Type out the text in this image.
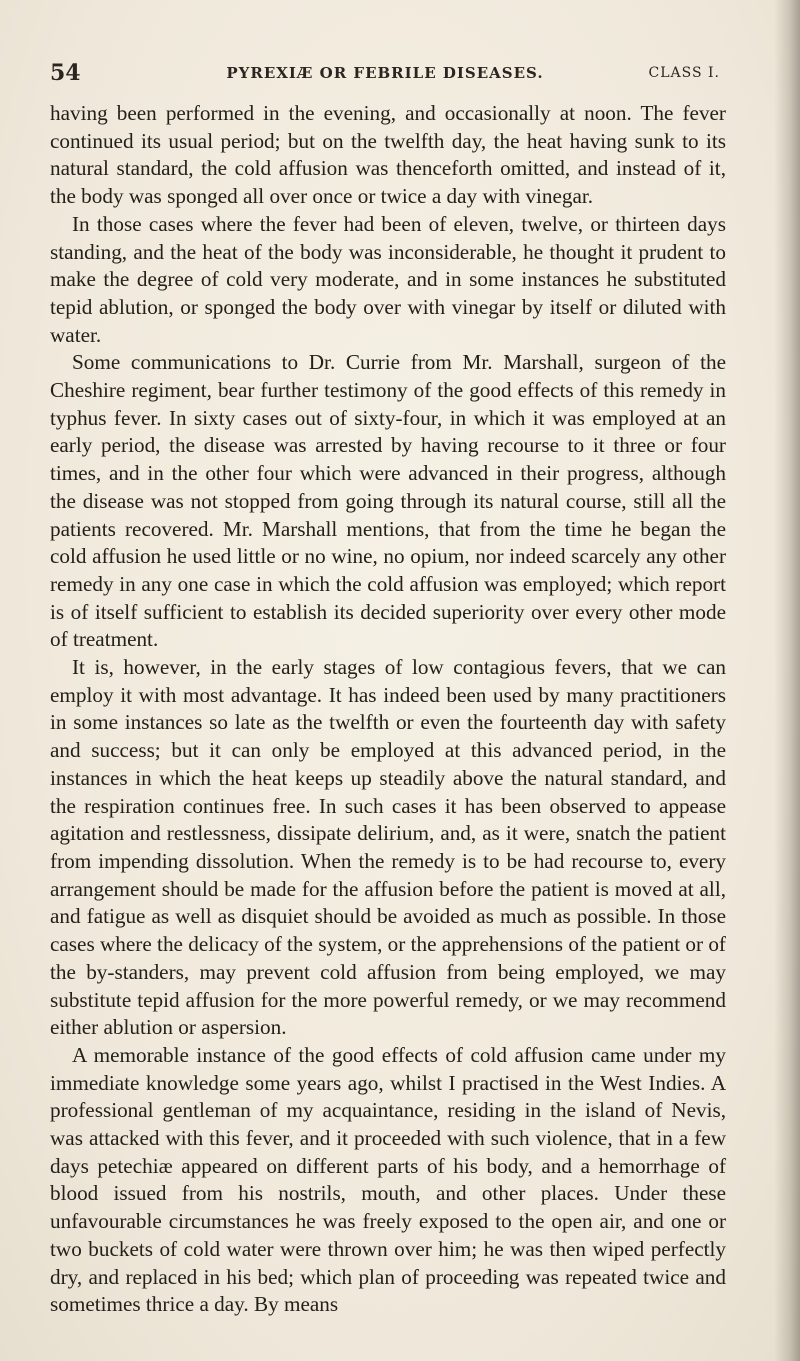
54	PYREXIÆ OR FEBRILE DISEASES.	CLASS I.

having been performed in the evening, and occasionally at noon. The fever continued its usual period; but on the twelfth day, the heat having sunk to its natural standard, the cold affusion was thenceforth omitted, and instead of it, the body was sponged all over once or twice a day with vinegar.

In those cases where the fever had been of eleven, twelve, or thirteen days standing, and the heat of the body was inconsiderable, he thought it prudent to make the degree of cold very moderate, and in some instances he substituted tepid ablution, or sponged the body over with vinegar by itself or diluted with water.

Some communications to Dr. Currie from Mr. Marshall, surgeon of the Cheshire regiment, bear further testimony of the good effects of this remedy in typhus fever. In sixty cases out of sixty-four, in which it was employed at an early period, the disease was arrested by having recourse to it three or four times, and in the other four which were advanced in their progress, although the disease was not stopped from going through its natural course, still all the patients recovered. Mr. Marshall mentions, that from the time he began the cold affusion he used little or no wine, no opium, nor indeed scarcely any other remedy in any one case in which the cold affusion was employed; which report is of itself sufficient to establish its decided superiority over every other mode of treatment.

It is, however, in the early stages of low contagious fevers, that we can employ it with most advantage. It has indeed been used by many practitioners in some instances so late as the twelfth or even the fourteenth day with safety and success; but it can only be employed at this advanced period, in the instances in which the heat keeps up steadily above the natural standard, and the respiration continues free. In such cases it has been observed to appease agitation and restlessness, dissipate delirium, and, as it were, snatch the patient from impending dissolution. When the remedy is to be had recourse to, every arrangement should be made for the affusion before the patient is moved at all, and fatigue as well as disquiet should be avoided as much as possible. In those cases where the delicacy of the system, or the apprehensions of the patient or of the by-standers, may prevent cold affusion from being employed, we may substitute tepid affusion for the more powerful remedy, or we may recommend either ablution or aspersion.

A memorable instance of the good effects of cold affusion came under my immediate knowledge some years ago, whilst I practised in the West Indies. A professional gentleman of my acquaintance, residing in the island of Nevis, was attacked with this fever, and it proceeded with such violence, that in a few days petechiæ appeared on different parts of his body, and a hemorrhage of blood issued from his nostrils, mouth, and other places. Under these unfavourable circumstances he was freely exposed to the open air, and one or two buckets of cold water were thrown over him; he was then wiped perfectly dry, and replaced in his bed; which plan of proceeding was repeated twice and sometimes thrice a day. By means
